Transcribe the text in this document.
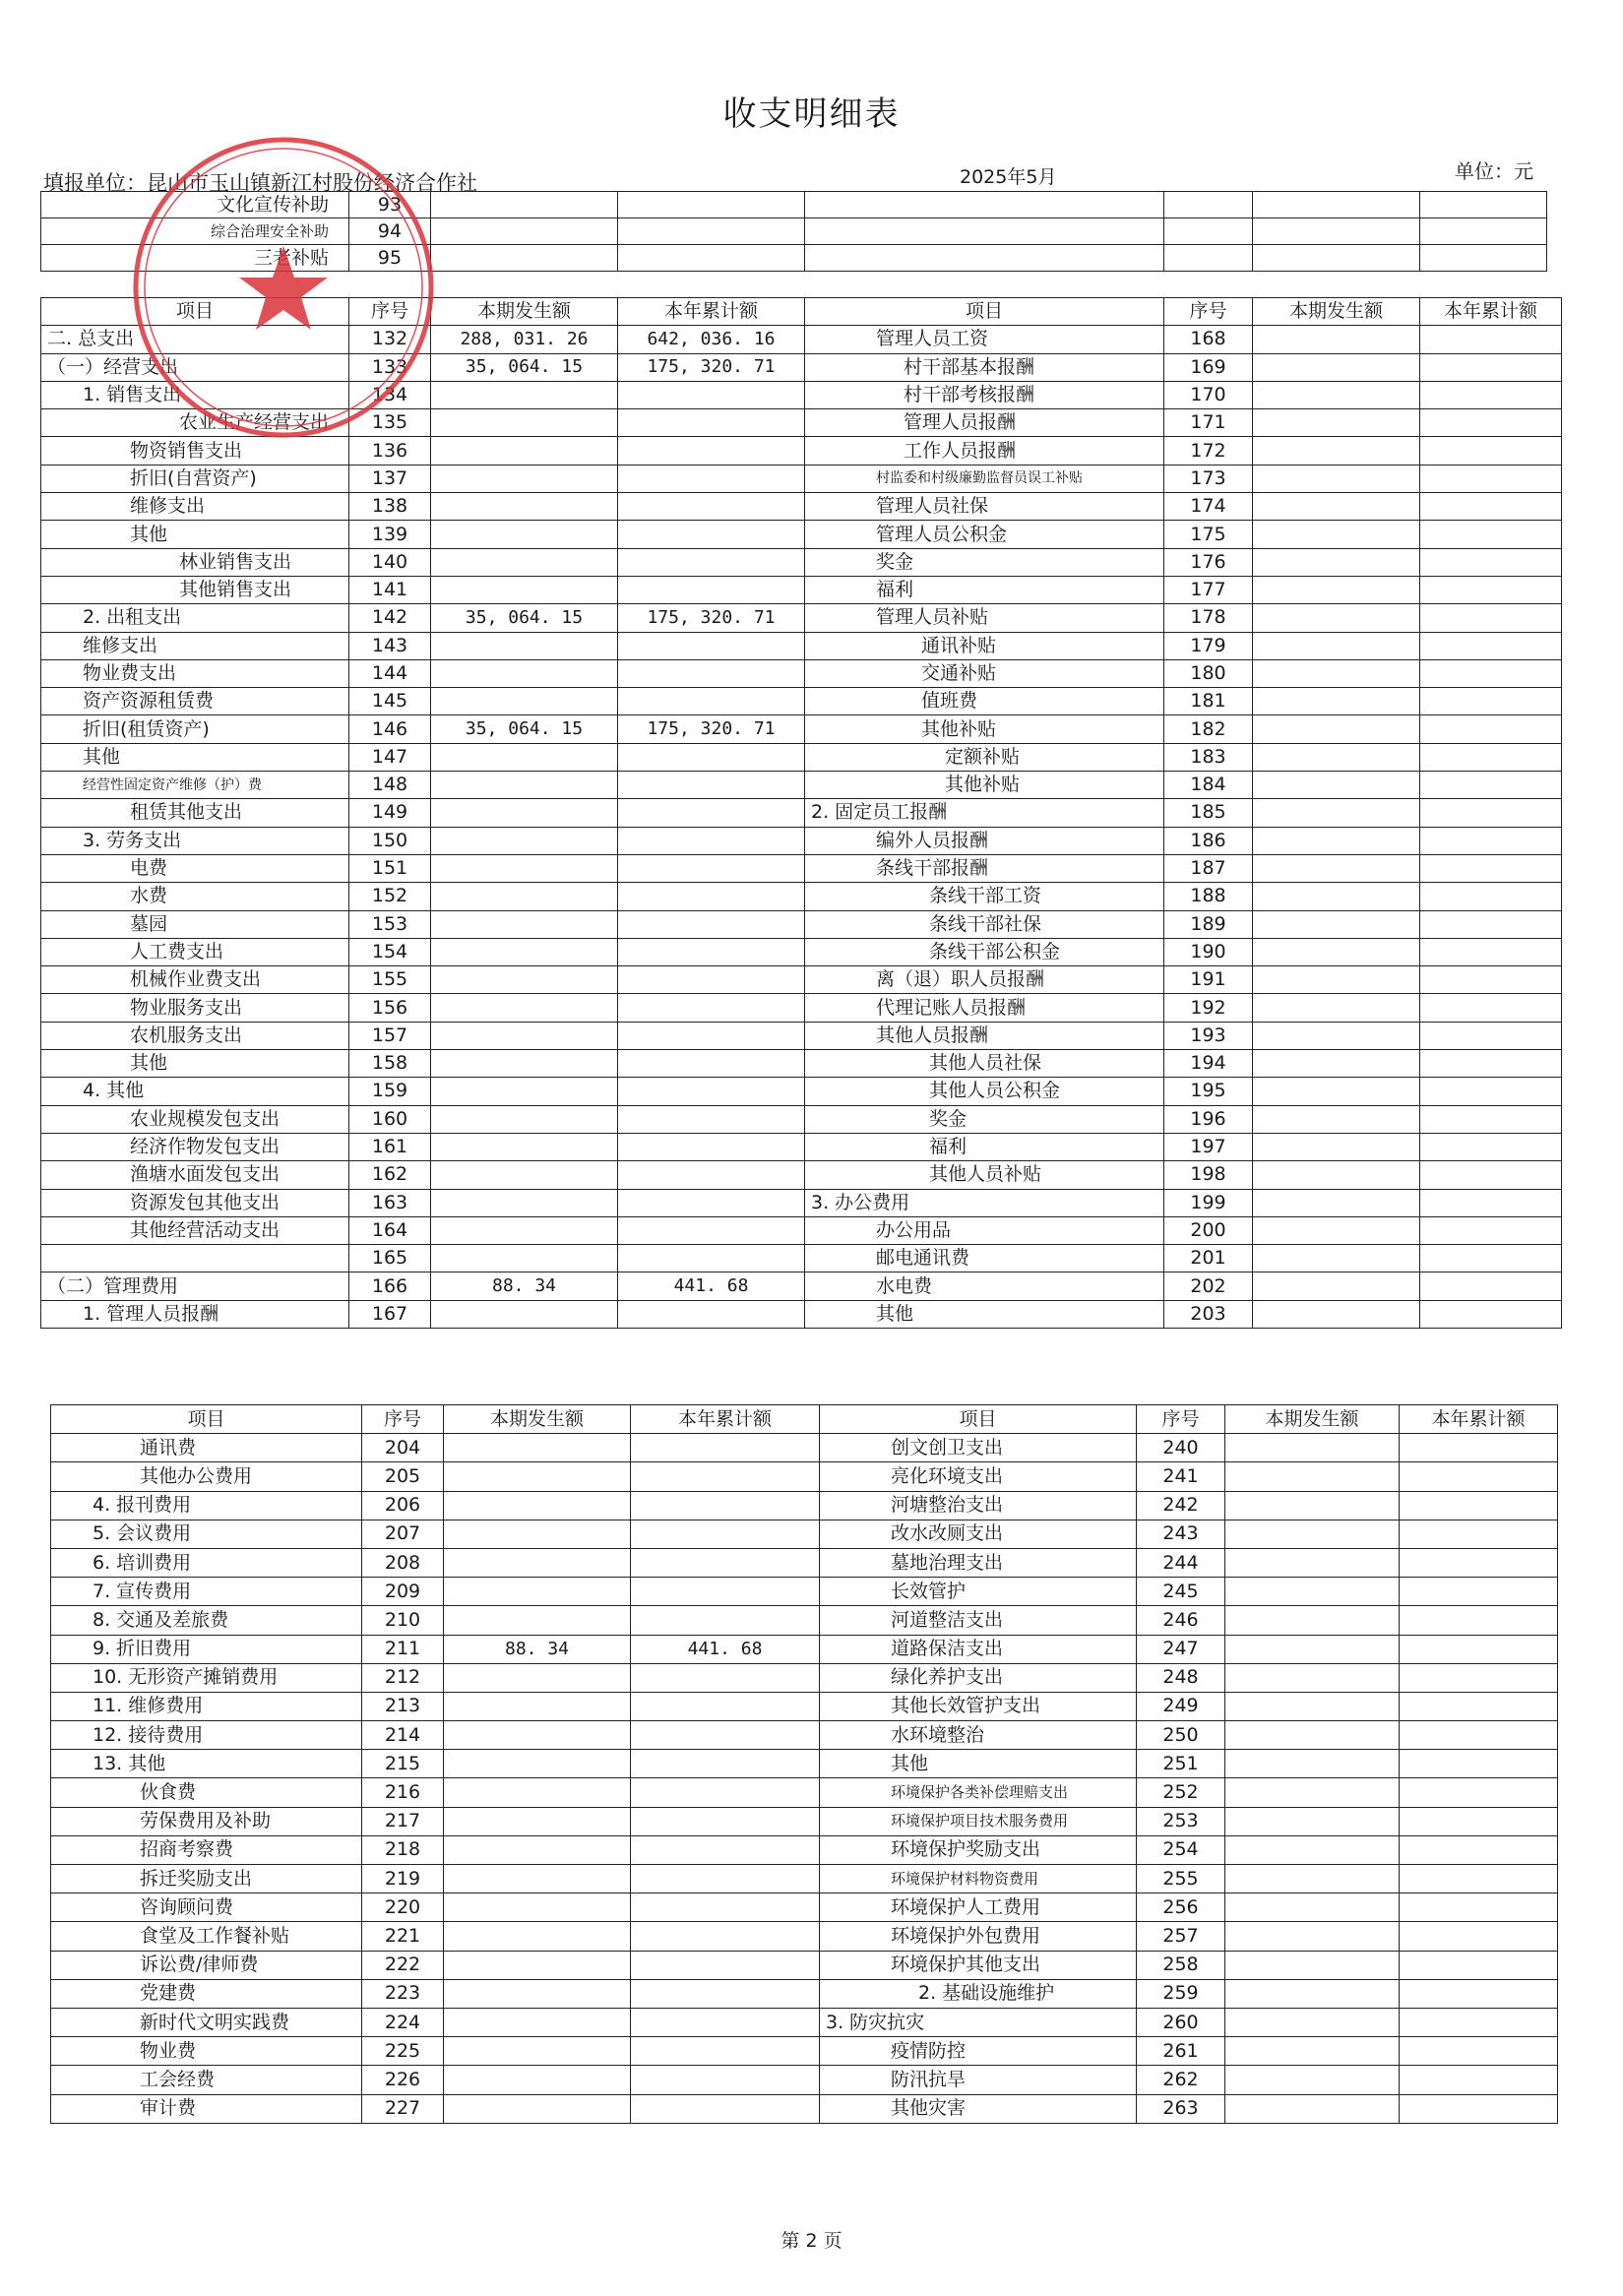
收支明细表
填报单位：昆山市玉山镇新江村股份经济合作社	2025年5月	单位：元
文化宣传补助	93						
综合治理安全补助	94						
三老补贴	95						
项目	序号	本期发生额	本年累计额	项目	序号	本期发生额	本年累计额
二. 总支出	132	288, 031. 26	642, 036. 16	管理人员工资	168		
（一）经营支出	133	35, 064. 15	175, 320. 71	村干部基本报酬	169		
1. 销售支出	134			村干部考核报酬	170		
农业生产经营支出	135			管理人员报酬	171		
物资销售支出	136			工作人员报酬	172		
折旧(自营资产)	137			村监委和村级廉勤监督员误工补贴	173		
维修支出	138			管理人员社保	174		
其他	139			管理人员公积金	175		
林业销售支出	140			奖金	176		
其他销售支出	141			福利	177		
2. 出租支出	142	35, 064. 15	175, 320. 71	管理人员补贴	178		
维修支出	143			通讯补贴	179		
物业费支出	144			交通补贴	180		
资产资源租赁费	145			值班费	181		
折旧(租赁资产)	146	35, 064. 15	175, 320. 71	其他补贴	182		
其他	147			定额补贴	183		
经营性固定资产维修（护）费	148			其他补贴	184		
租赁其他支出	149			2. 固定员工报酬	185		
3. 劳务支出	150			编外人员报酬	186		
电费	151			条线干部报酬	187		
水费	152			条线干部工资	188		
墓园	153			条线干部社保	189		
人工费支出	154			条线干部公积金	190		
机械作业费支出	155			离（退）职人员报酬	191		
物业服务支出	156			代理记账人员报酬	192		
农机服务支出	157			其他人员报酬	193		
其他	158			其他人员社保	194		
4. 其他	159			其他人员公积金	195		
农业规模发包支出	160			奖金	196		
经济作物发包支出	161			福利	197		
渔塘水面发包支出	162			其他人员补贴	198		
资源发包其他支出	163			3. 办公费用	199		
其他经营活动支出	164			办公用品	200		
	165			邮电通讯费	201		
（二）管理费用	166	88. 34	441. 68	水电费	202		
1. 管理人员报酬	167			其他	203		
项目	序号	本期发生额	本年累计额	项目	序号	本期发生额	本年累计额
通讯费	204			创文创卫支出	240		
其他办公费用	205			亮化环境支出	241		
4. 报刊费用	206			河塘整治支出	242		
5. 会议费用	207			改水改厕支出	243		
6. 培训费用	208			墓地治理支出	244		
7. 宣传费用	209			长效管护	245		
8. 交通及差旅费	210			河道整洁支出	246		
9. 折旧费用	211	88. 34	441. 68	道路保洁支出	247		
10. 无形资产摊销费用	212			绿化养护支出	248		
11. 维修费用	213			其他长效管护支出	249		
12. 接待费用	214			水环境整治	250		
13. 其他	215			其他	251		
伙食费	216			环境保护各类补偿理赔支出	252		
劳保费用及补助	217			环境保护项目技术服务费用	253		
招商考察费	218			环境保护奖励支出	254		
拆迁奖励支出	219			环境保护材料物资费用	255		
咨询顾问费	220			环境保护人工费用	256		
食堂及工作餐补贴	221			环境保护外包费用	257		
诉讼费/律师费	222			环境保护其他支出	258		
党建费	223			2. 基础设施维护	259		
新时代文明实践费	224			3. 防灾抗灾	260		
物业费	225			疫情防控	261		
工会经费	226			防汛抗旱	262		
审计费	227			其他灾害	263		
第 2 页
